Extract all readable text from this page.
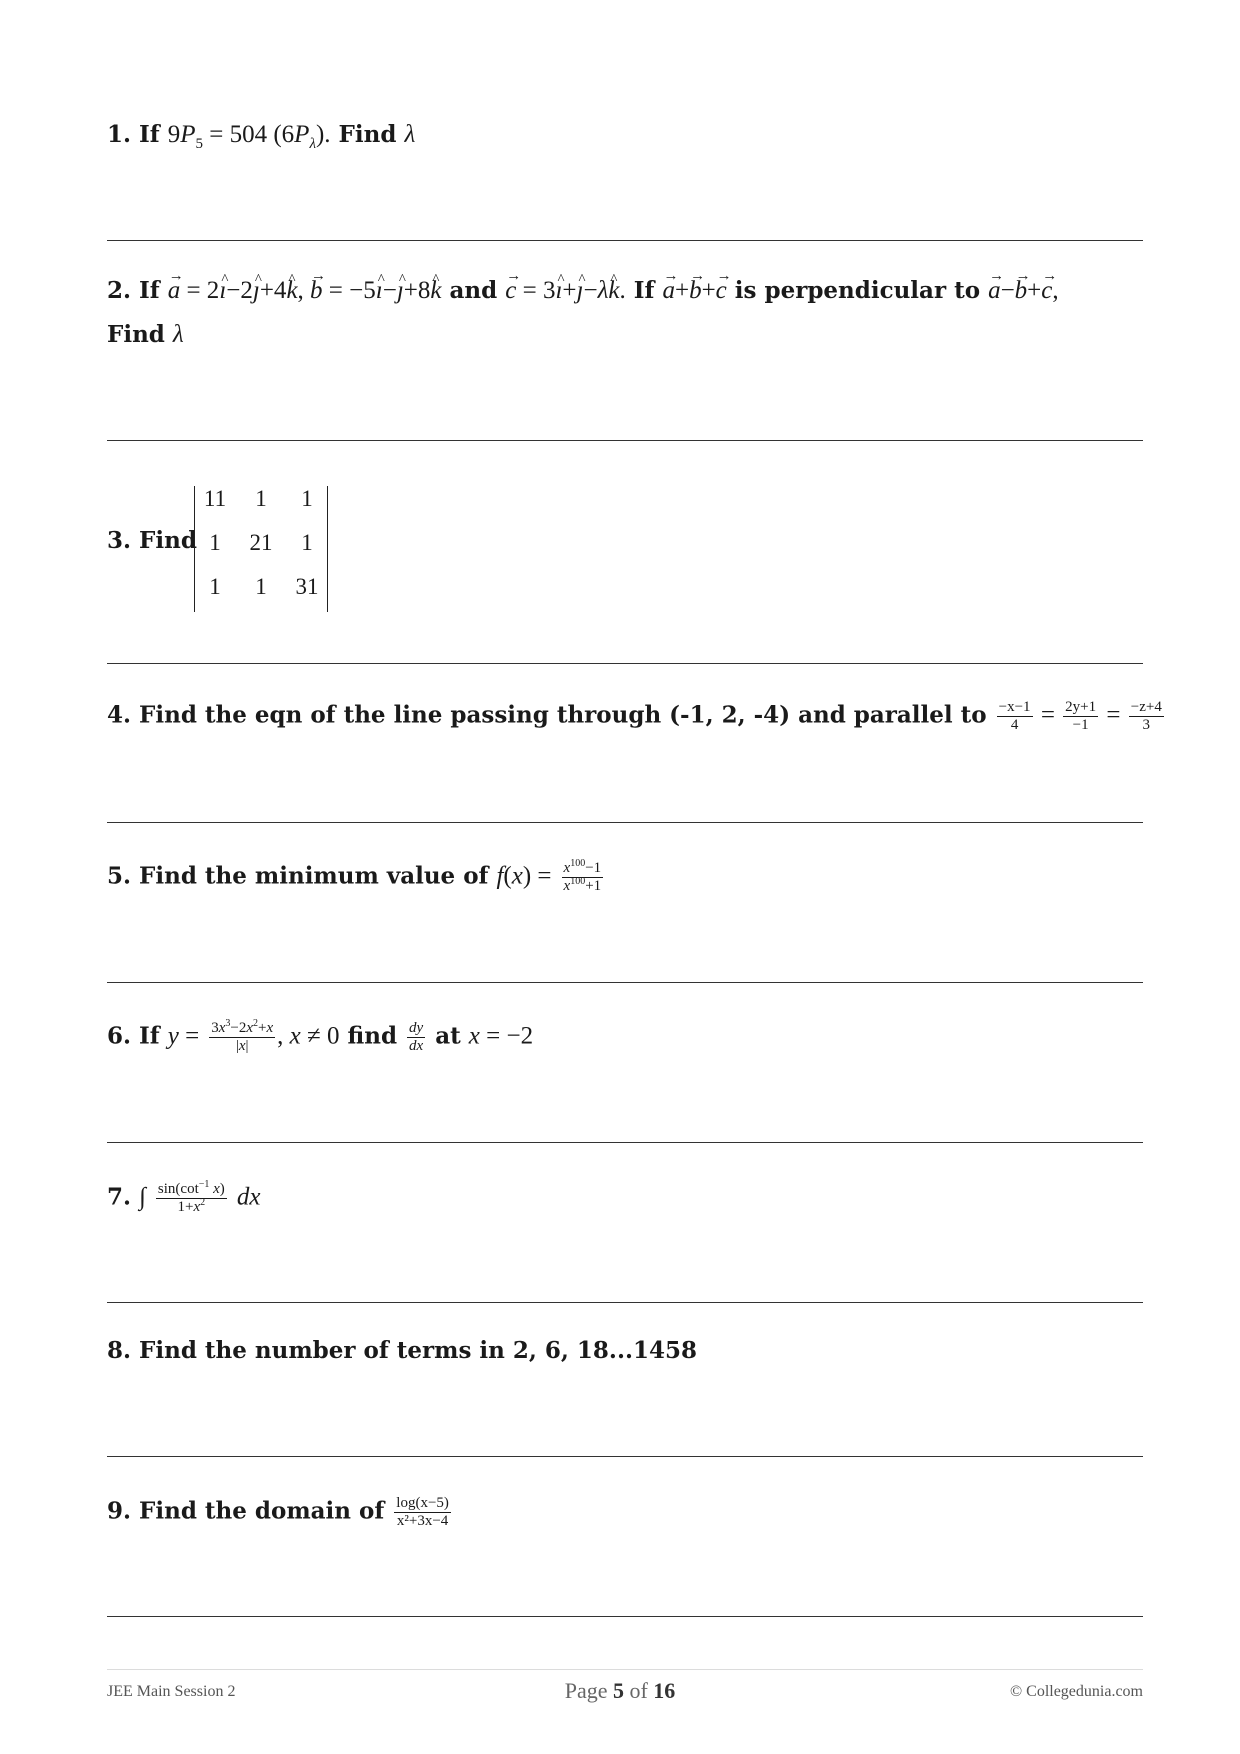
1. If $9P_5 = 504$ $(6P_\lambda)$. Find λ
2. If → a = 2^ ı−2^ ȷ+4^ k, → b = −5^ ı−^ ȷ+8^ k and → c = 3^ ı+^ ȷ−λ^ k. If → a+→ b+→ c is perpendicular to → a−→ b+→ c,
Find λ
3. Find
11	1	1
1	21	1
1	1	31
4. Find the eqn of the line passing through (-1, 2, -4) and parallel to $\frac{-x-1}{4} = \frac{2y+1}{-1} = \frac{-z+4}{3}$
5. Find the minimum value of $f(x) = \frac{x^{100}-1}{x^{100}+1}$
6. If $y = \frac{3x^3-2x^2+x}{|x|}$ , x ≠ 0 find $\frac{dy}{dx}$ at x = −2
7. ∫ $\frac{\sin(\cot^{-1} x)}{1+x^2}$ dx
8. Find the number of terms in 2, 6, 18...1458
9. Find the domain of $\frac{\log(x-5)}{\text{x²+3x−4}}$
JEE Main Session 2	Page 5 of 16	© Collegedunia.com
